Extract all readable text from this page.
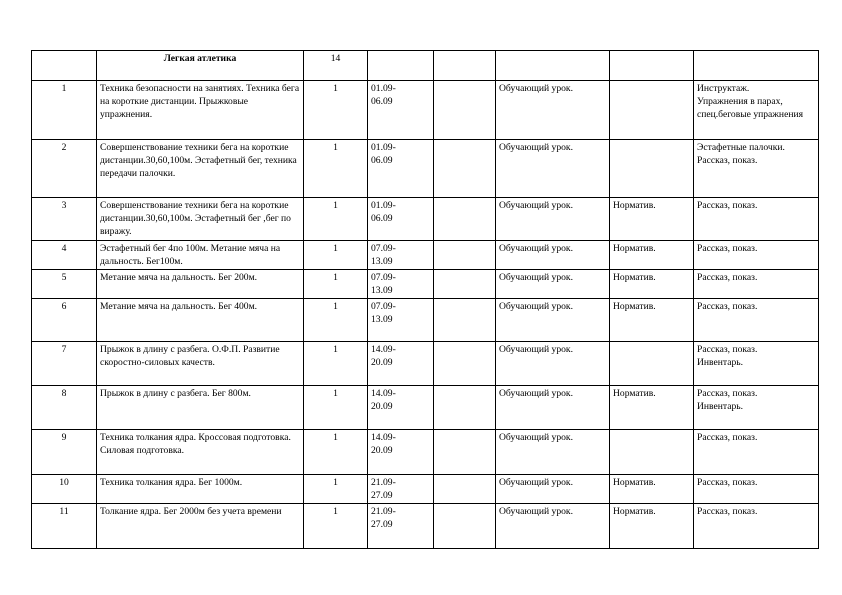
	Легкая атлетика	14					
1	Техника безопасности на занятиях. Техника бега на короткие дистанции. Прыжковые упражнения.	1	01.09-
06.09		Обучающий урок.		Инструктаж.
Упражнения в парах, спец.беговые упражнения
2	Совершенствование техники бега на короткие дистанции.30,60,100м. Эстафетный бег, техника передачи палочки.	1	01.09-
06.09		Обучающий урок.		Эстафетные палочки. Рассказ, показ.
3	Совершенствование техники бега на короткие дистанции.30,60,100м. Эстафетный бег ,бег по виражу.	1	01.09-
06.09		Обучающий урок.	Норматив.	Рассказ, показ.
4	Эстафетный бег 4по 100м. Метание мяча на дальность. Бег100м.	1	07.09-
13.09		Обучающий урок.	Норматив.	Рассказ, показ.
5	Метание мяча на дальность. Бег 200м.	1	07.09-
13.09		Обучающий урок.	Норматив.	Рассказ, показ.
6	Метание мяча на дальность. Бег 400м.	1	07.09-
13.09		Обучающий урок.	Норматив.	Рассказ, показ.
7	Прыжок в длину с разбега. О.Ф.П. Развитие скоростно-силовых качеств.	1	14.09-
20.09		Обучающий урок.		Рассказ, показ.
Инвентарь.
8	Прыжок в длину с разбега. Бег 800м.	1	14.09-
20.09		Обучающий урок.	Норматив.	Рассказ, показ.
Инвентарь.
9	Техника толкания ядра. Кроссовая подготовка. Силовая подготовка.	1	14.09-
20.09		Обучающий урок.		Рассказ, показ.
10	Техника толкания ядра. Бег 1000м.	1	21.09-
27.09		Обучающий урок.	Норматив.	Рассказ, показ.
11	Толкание ядра. Бег 2000м без учета времени	1	21.09-
27.09		Обучающий урок.	Норматив.	Рассказ, показ.
